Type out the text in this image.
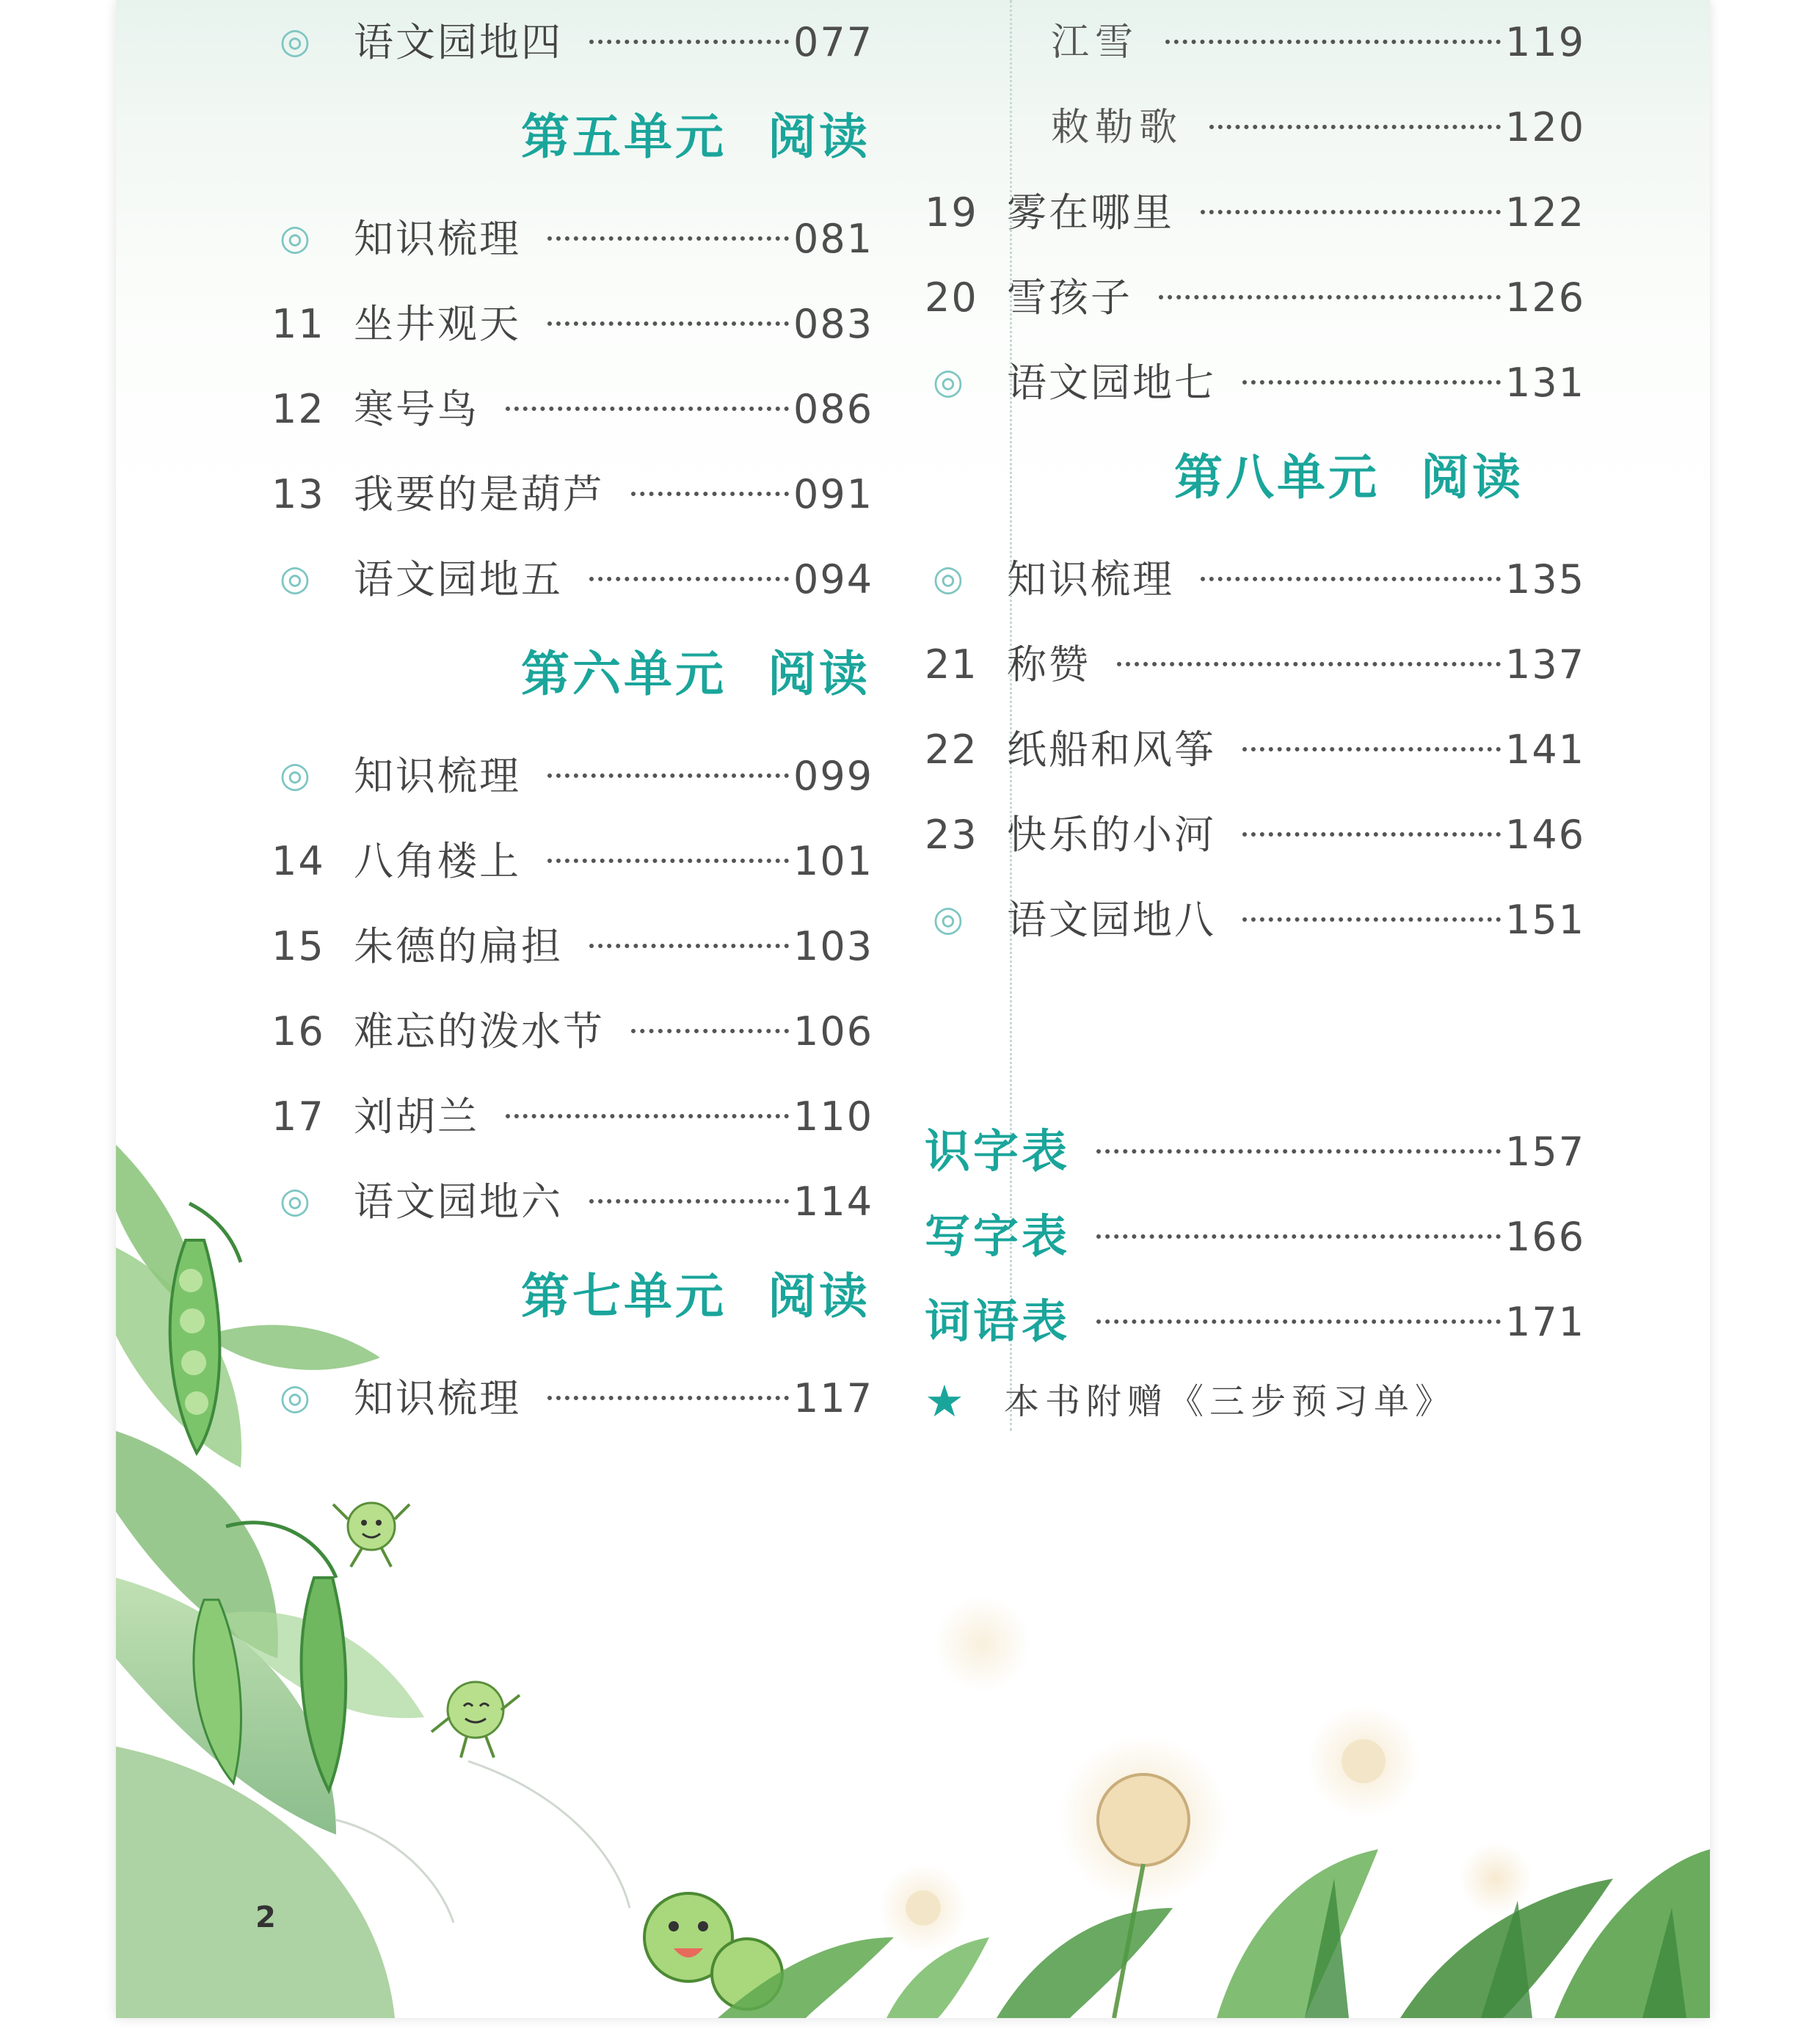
◎ 语文园地四	077
第五单元 阅读
◎ 知识梳理	081
11 坐井观天	083
12 寒号鸟	086
13 我要的是葫芦	091
◎ 语文园地五	094
第六单元 阅读
◎ 知识梳理	099
14 八角楼上	101
15 朱德的扁担	103
16 难忘的泼水节	106
17 刘胡兰	110
◎ 语文园地六	114
第七单元 阅读
◎ 知识梳理	117
江雪	119
敕勒歌	120
19 雾在哪里	122
20 雪孩子	126
◎ 语文园地七	131
第八单元 阅读
◎ 知识梳理	135
21 称赞	137
22 纸船和风筝	141
23 快乐的小河	146
◎ 语文园地八	151
识字表	157
写字表	166
词语表	171
★ 本书附赠《三步预习单》
2
